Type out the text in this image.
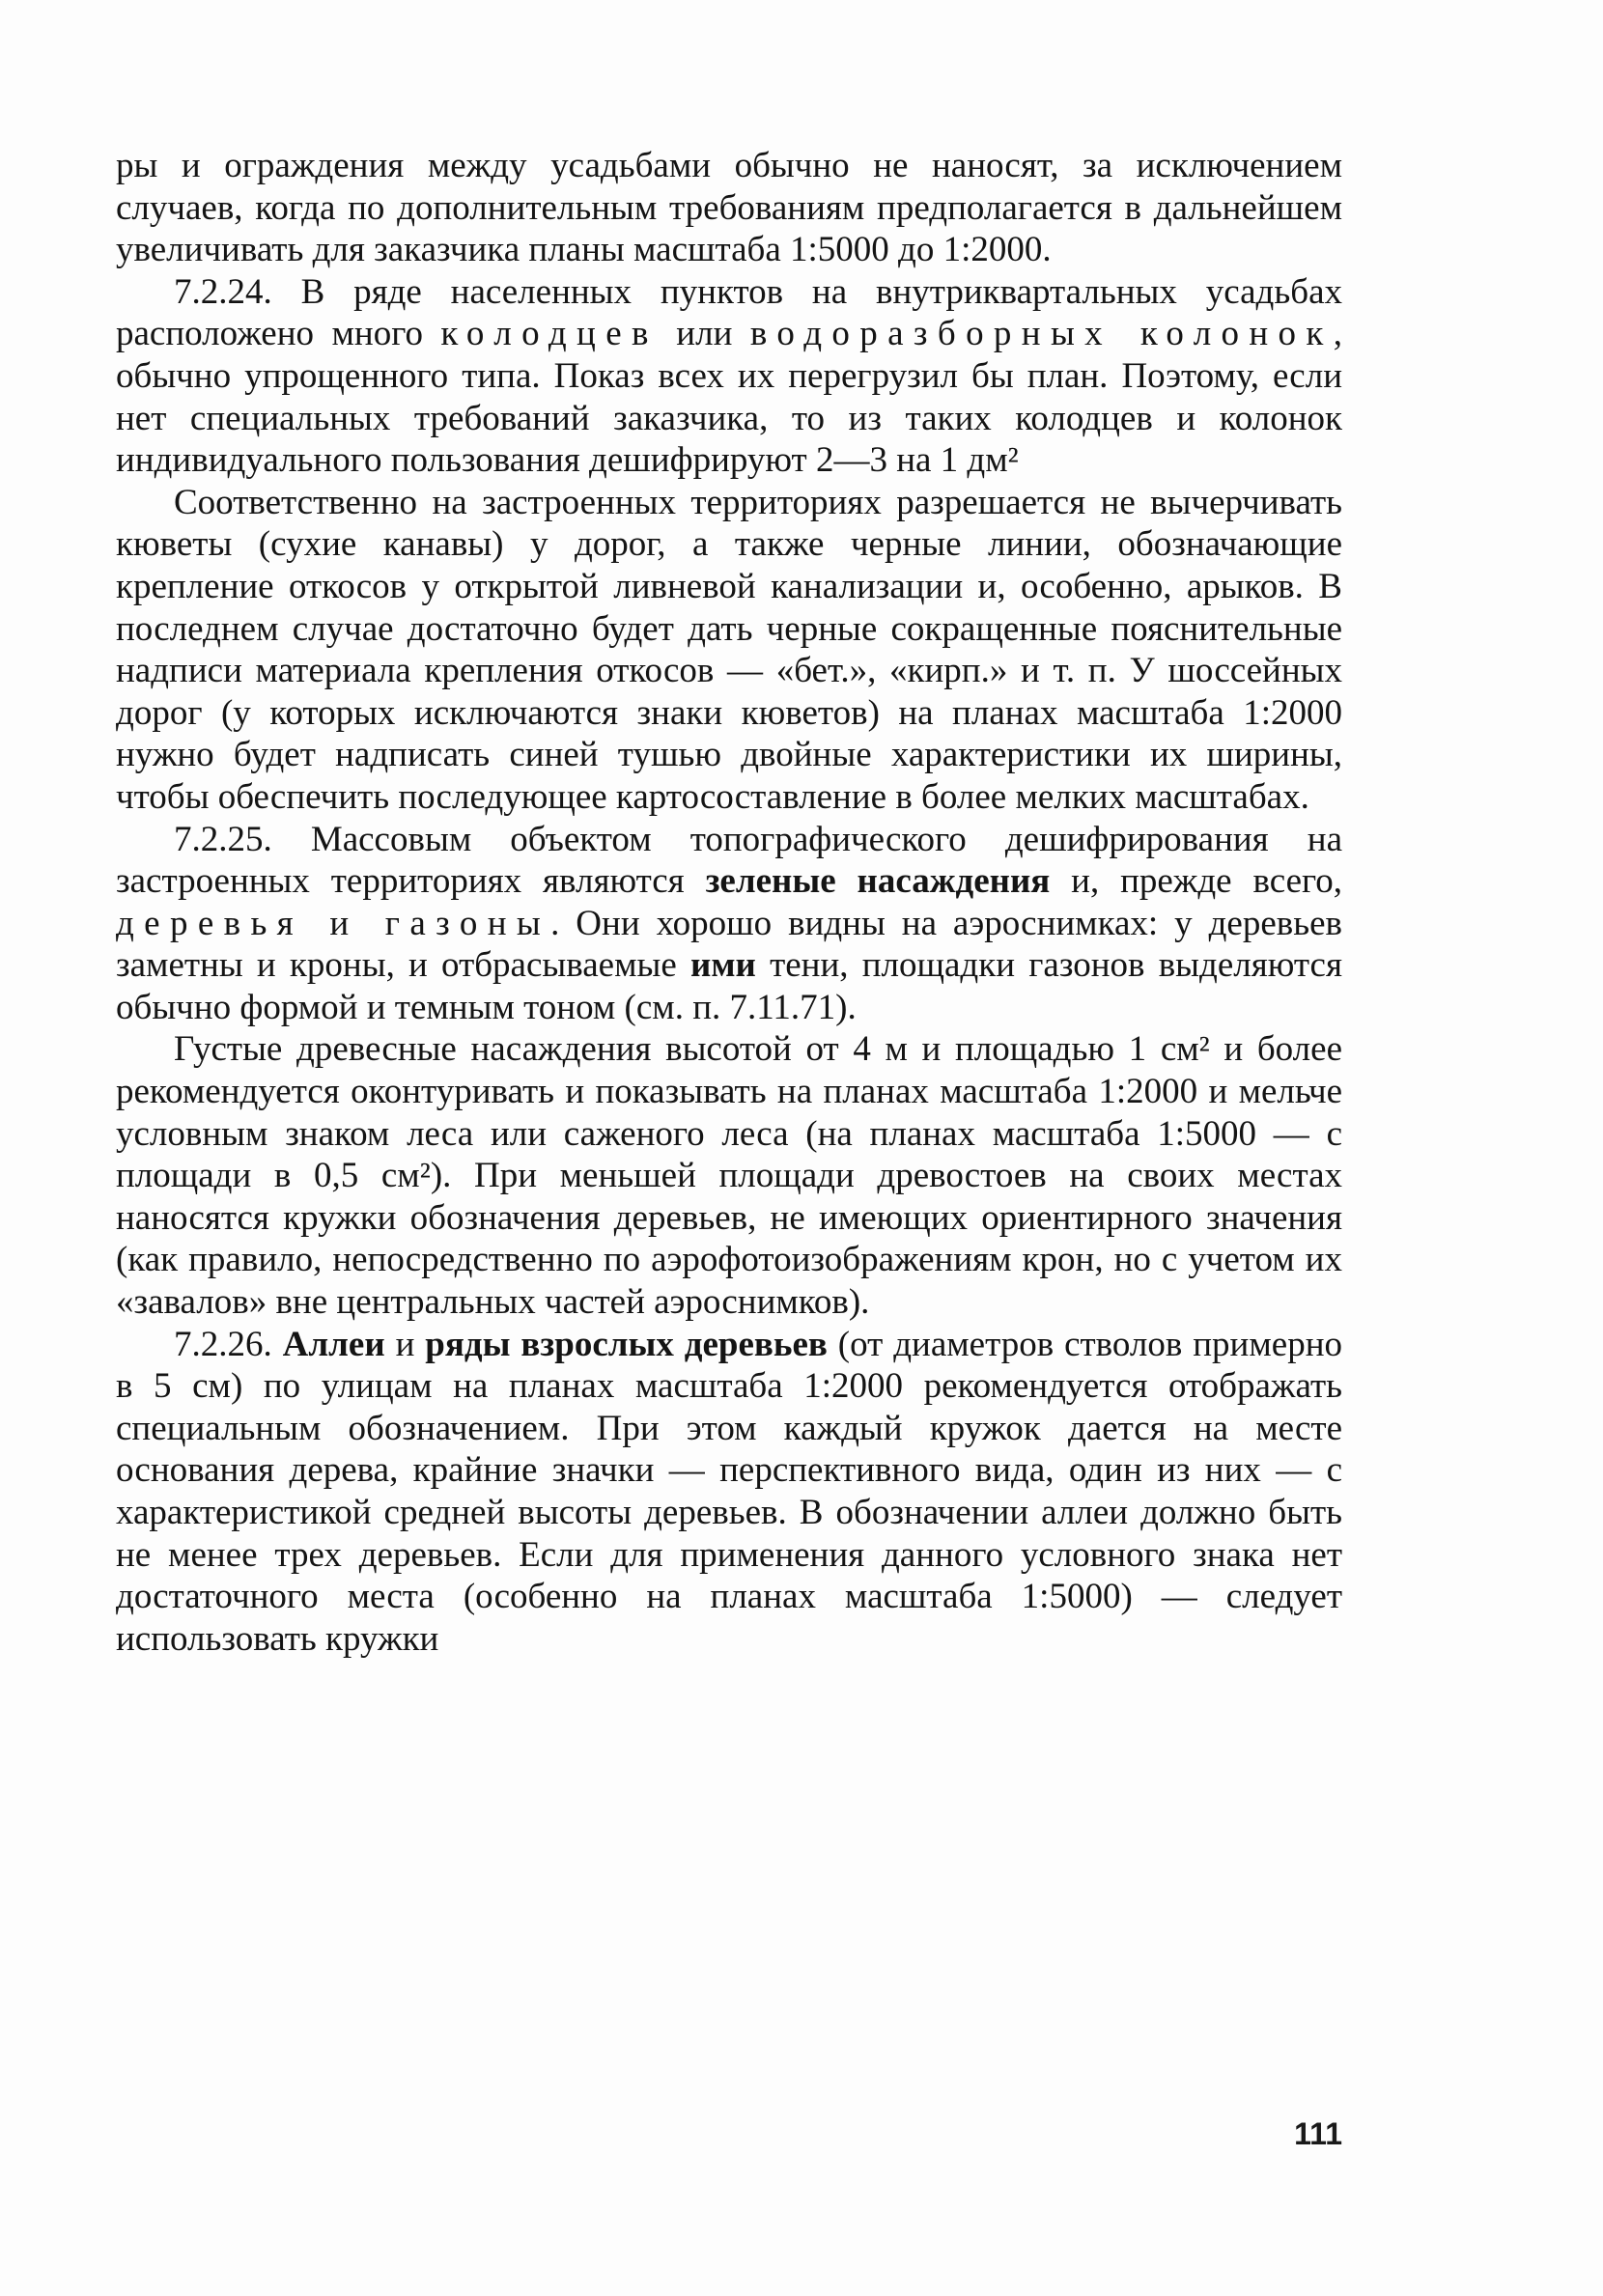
ры и ограждения между усадьбами обычно не наносят, за исключением случаев, когда по дополнительным требованиям предполагается в дальнейшем увеличивать для заказчика планы масштаба 1:5000 до 1:2000.

7.2.24. В ряде населенных пунктов на внутриквартальных усадьбах расположено много колодцев или водоразборных колонок, обычно упрощенного типа. Показ всех их перегрузил бы план. Поэтому, если нет специальных требований заказчика, то из таких колодцев и колонок индивидуального пользования дешифрируют 2—3 на 1 дм²

Соответственно на застроенных территориях разрешается не вычерчивать кюветы (сухие канавы) у дорог, а также черные линии, обозначающие крепление откосов у открытой ливневой канализации и, особенно, арыков. В последнем случае достаточно будет дать черные сокращенные пояснительные надписи материала крепления откосов — «бет.», «кирп.» и т. п. У шоссейных дорог (у которых исключаются знаки кюветов) на планах масштаба 1:2000 нужно будет надписать синей тушью двойные характеристики их ширины, чтобы обеспечить последующее картосоставление в более мелких масштабах.

7.2.25. Массовым объектом топографического дешифрирования на застроенных территориях являются зеленые насаждения и, прежде всего, деревья и газоны. Они хорошо видны на аэроснимках: у деревьев заметны и кроны, и отбрасываемые ими тени, площадки газонов выделяются обычно формой и темным тоном (см. п. 7.11.71).

Густые древесные насаждения высотой от 4 м и площадью 1 см² и более рекомендуется оконтуривать и показывать на планах масштаба 1:2000 и мельче условным знаком леса или саженого леса (на планах масштаба 1:5000 — с площади в 0,5 см²). При меньшей площади древостоев на своих местах наносятся кружки обозначения деревьев, не имеющих ориентирного значения (как правило, непосредственно по аэрофотоизображениям крон, но с учетом их «завалов» вне центральных частей аэроснимков).

7.2.26. Аллеи и ряды взрослых деревьев (от диаметров стволов примерно в 5 см) по улицам на планах масштаба 1:2000 рекомендуется отображать специальным обозначением. При этом каждый кружок дается на месте основания дерева, крайние значки — перспективного вида, один из них — с характеристикой средней высоты деревьев. В обозначении аллеи должно быть не менее трех деревьев. Если для применения данного условного знака нет достаточного места (особенно на планах масштаба 1:5000) — следует использовать кружки

111
